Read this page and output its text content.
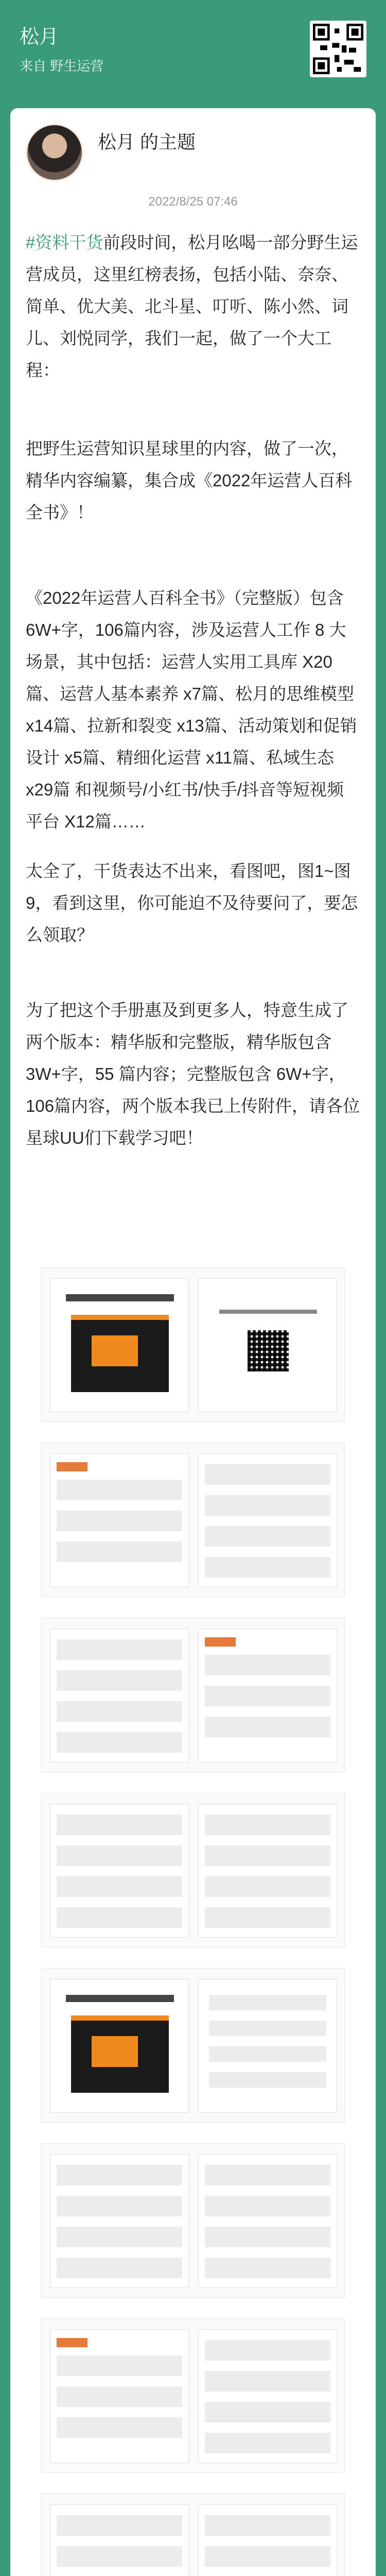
松月
来自 野生运营
松月 的主题
2022/8/25 07:46
#资料干货前段时间，松月吆喝一部分野生运营成员，这里红榜表扬，包括小陆、奈奈、简单、优大美、北斗星、叮听、陈小然、词儿、刘悦同学，我们一起，做了一个大工程：
把野生运营知识星球里的内容，做了一次，精华内容编纂，集合成《2022年运营人百科全书》！
《2022年运营人百科全书》（完整版）包含 6W+字，106篇内容，涉及运营人工作 8 大场景，其中包括：运营人实用工具库 X20篇、运营人基本素养 x7篇、松月的思维模型 x14篇、拉新和裂变 x13篇、活动策划和促销设计 x5篇、精细化运营 x11篇、私域生态 x29篇 和视频号/小红书/快手/抖音等短视频平台 X12篇……
太全了，干货表达不出来，看图吧，图1~图9，看到这里，你可能迫不及待要问了，要怎么领取？
为了把这个手册惠及到更多人，特意生成了两个版本：精华版和完整版，精华版包含 3W+字，55 篇内容；完整版包含 6W+字，106篇内容，两个版本我已上传附件，请各位星球UU们下载学习吧！
